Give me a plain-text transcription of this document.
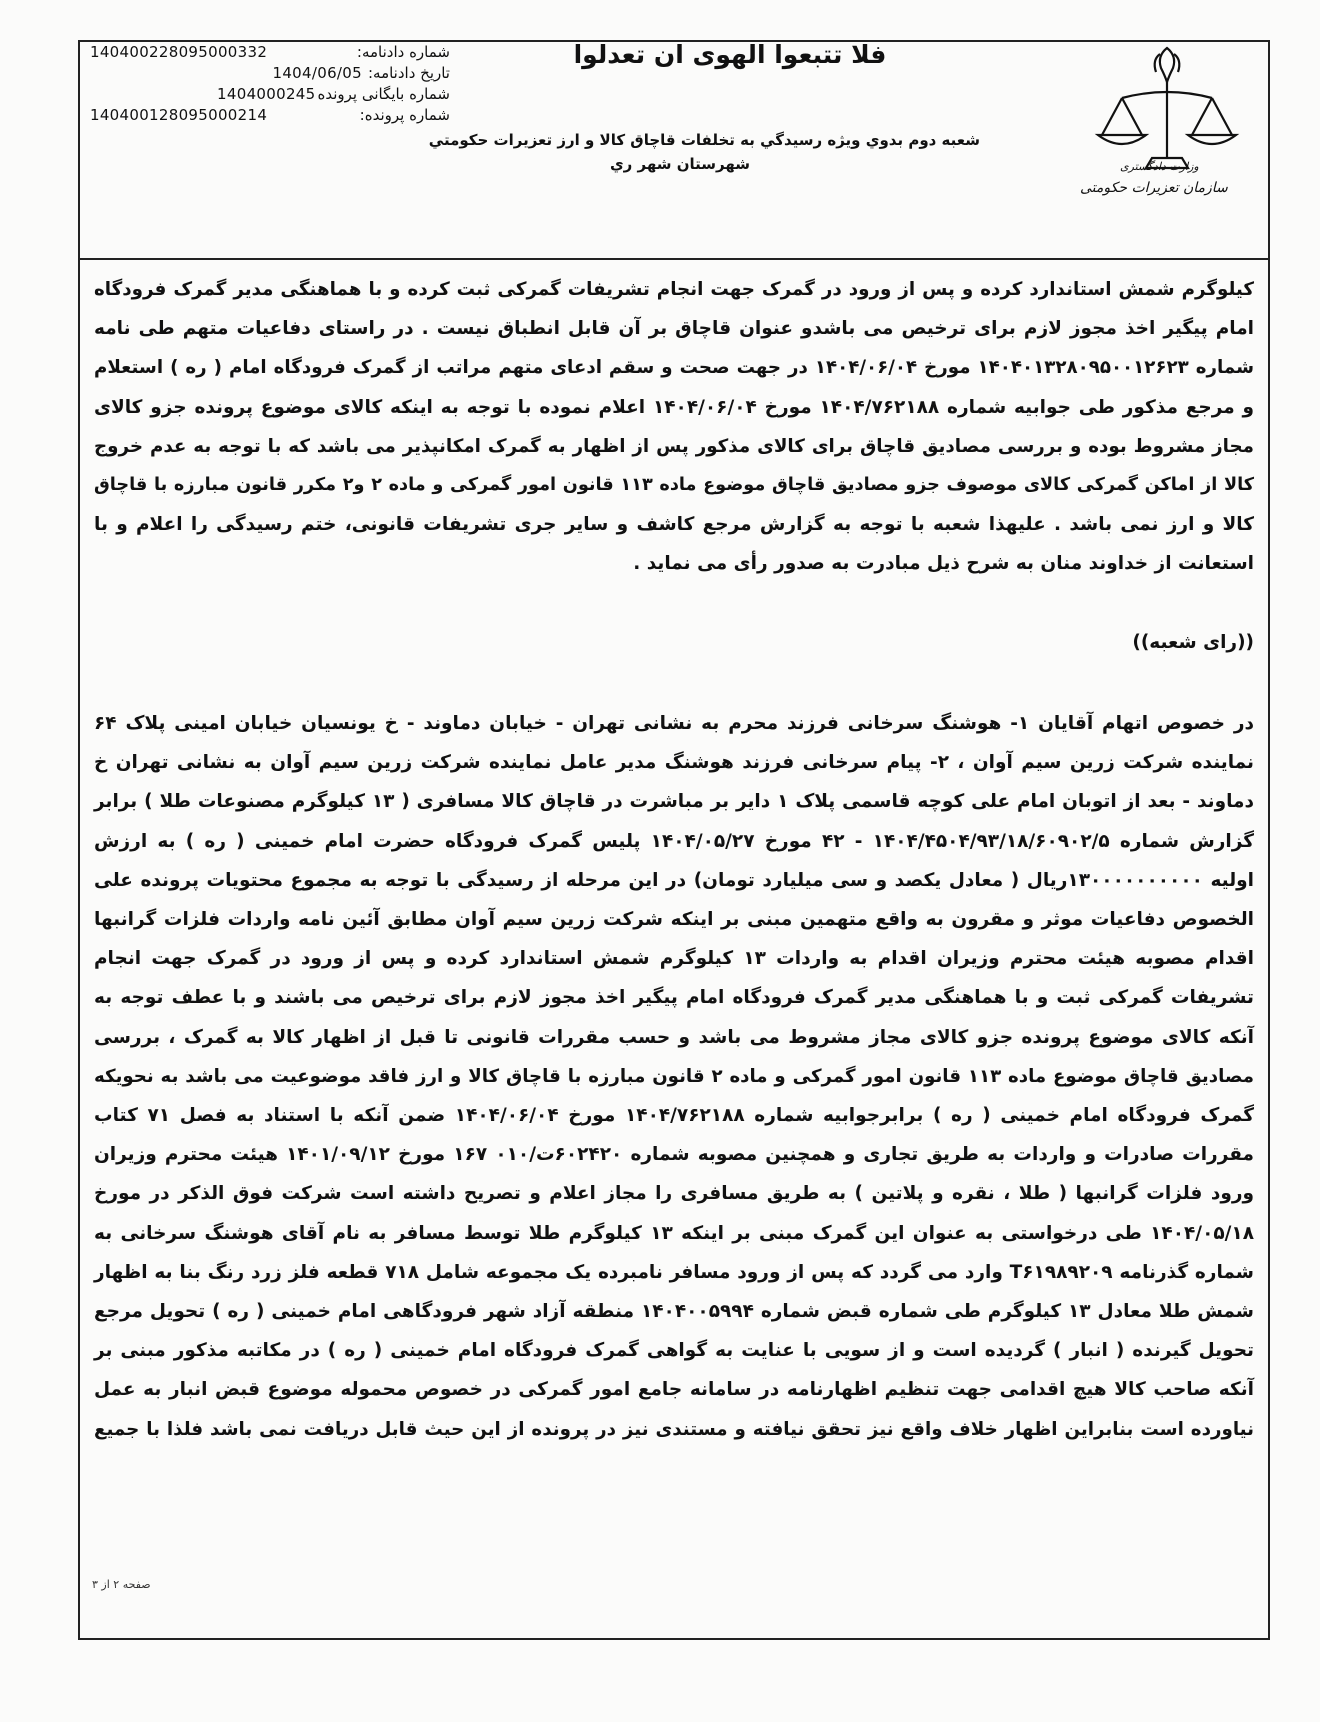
140400228095000332	شماره دادنامه:
1404/06/05 تاریخ دادنامه:
1404000245 شماره بایگانی پرونده
140400128095000214	شماره پرونده:
فلا تتبعوا الهوی ان تعدلوا
شعبه دوم بدوي ويژه رسيدگي به تخلفات قاچاق كالا و ارز تعزيرات حكومتي
شهرستان شهر ري	وزارت دادگستری
سازمان تعزیرات حکومتی
کیلوگرم شمش استاندارد کرده و پس از ورود در گمرک جهت انجام تشریفات گمرکی ثبت کرده و با هماهنگی مدیر گمرک فرودگاه
امام پیگیر اخذ مجوز لازم برای ترخیص می باشدو عنوان قاچاق بر آن قابل انطباق نیست . در راستای دفاعیات متهم طی نامه
شماره ۱۴۰۴۰۱۳۲۸۰۹۵۰۰۱۲۶۲۳ مورخ ۱۴۰۴/۰۶/۰۴ در جهت صحت و سقم ادعای متهم مراتب از گمرک فرودگاه امام ( ره ) استعلام
و مرجع مذکور طی جوابیه شماره ۱۴۰۴/۷۶۲۱۸۸ مورخ ۱۴۰۴/۰۶/۰۴ اعلام نموده با توجه به اینکه کالای موضوع پرونده جزو کالای
مجاز مشروط بوده و بررسی مصادیق قاچاق برای کالای مذکور پس از اظهار به گمرک امکانپذیر می باشد که با توجه به عدم خروج
کالا از اماکن گمرکی کالای موصوف جزو مصادیق قاچاق موضوع ماده ۱۱۳ قانون امور گمرکی و ماده ۲ و۲ مکرر قانون مبارزه با قاچاق
کالا و ارز نمی باشد . علیهذا شعبه با توجه به گزارش مرجع کاشف و سایر جری تشریفات قانونی، ختم رسیدگی را اعلام و با
استعانت از خداوند منان به شرح ذیل مبادرت به صدور رأی می نماید .
((رای شعبه))
در خصوص اتهام آقایان ۱- هوشنگ سرخانی فرزند محرم به نشانی تهران - خیابان دماوند - خ یونسیان خیابان امینی پلاک ۶۴
نماینده شرکت زرین سیم آوان ، ۲- پیام سرخانی فرزند هوشنگ مدیر عامل نماینده شرکت زرین سیم آوان به نشانی تهران خ
دماوند - بعد از اتوبان امام علی کوچه قاسمی پلاک ۱ دایر بر مباشرت در قاچاق کالا مسافری ( ۱۳ کیلوگرم مصنوعات طلا ) برابر
گزارش شماره ۱۴۰۴/۴۵۰۴/۹۳/۱۸/۶۰۹۰۲/۵ - ۴۲ مورخ ۱۴۰۴/۰۵/۲۷ پلیس گمرک فرودگاه حضرت امام خمینی ( ره ) به ارزش
اولیه ۱۳۰۰۰۰۰۰۰۰۰۰ریال ( معادل یکصد و سی میلیارد تومان) در این مرحله از رسیدگی با توجه به مجموع محتویات پرونده علی
الخصوص دفاعیات موثر و مقرون به واقع متهمین مبنی بر اینکه شرکت زرین سیم آوان مطابق آئین نامه واردات فلزات گرانبها
اقدام مصوبه هیئت محترم وزیران اقدام به واردات ۱۳ کیلوگرم شمش استاندارد کرده و پس از ورود در گمرک جهت انجام
تشریفات گمرکی ثبت و با هماهنگی مدیر گمرک فرودگاه امام پیگیر اخذ مجوز لازم برای ترخیص می باشند و با عطف توجه به
آنکه کالای موضوع پرونده جزو کالای مجاز مشروط می باشد و حسب مقررات قانونی تا قبل از اظهار کالا به گمرک ، بررسی
مصادیق قاچاق موضوع ماده ۱۱۳ قانون امور گمرکی و ماده ۲ قانون مبارزه با قاچاق کالا و ارز فاقد موضوعیت می باشد به نحویکه
گمرک فرودگاه امام خمینی ( ره ) برابرجوابیه شماره ۱۴۰۴/۷۶۲۱۸۸ مورخ ۱۴۰۴/۰۶/۰۴ ضمن آنکه با استناد به فصل ۷۱ کتاب
مقررات صادرات و واردات به طریق تجاری و همچنین مصوبه شماره ۶۰۲۴۲۰ت/۰۱۰ ۱۶۷ مورخ ۱۴۰۱/۰۹/۱۲ هیئت محترم وزیران
ورود فلزات گرانبها ( طلا ، نقره و پلاتین ) به طریق مسافری را مجاز اعلام و تصریح داشته است شرکت فوق الذکر در مورخ
۱۴۰۴/۰۵/۱۸ طی درخواستی به عنوان این گمرک مبنی بر اینکه ۱۳ کیلوگرم طلا توسط مسافر به نام آقای هوشنگ سرخانی به
شماره گذرنامه T۶۱۹۸۹۲۰۹ وارد می گردد که پس از ورود مسافر نامبرده یک مجموعه شامل ۷۱۸ قطعه فلز زرد رنگ بنا به اظهار
شمش طلا معادل ۱۳ کیلوگرم طی شماره قبض شماره ۱۴۰۴۰۰۵۹۹۴ منطقه آزاد شهر فرودگاهی امام خمینی ( ره ) تحویل مرجع
تحویل گیرنده ( انبار ) گردیده است و از سویی با عنایت به گواهی گمرک فرودگاه امام خمینی ( ره ) در مکاتبه مذکور مبنی بر
آنکه صاحب کالا هیچ اقدامی جهت تنظیم اظهارنامه در سامانه جامع امور گمرکی در خصوص محموله موضوع قبض انبار به عمل
نیاورده است بنابراین اظهار خلاف واقع نیز تحقق نیافته و مستندی نیز در پرونده از این حیث قابل دریافت نمی باشد فلذا با جمیع
صفحه ۲ از ۳
